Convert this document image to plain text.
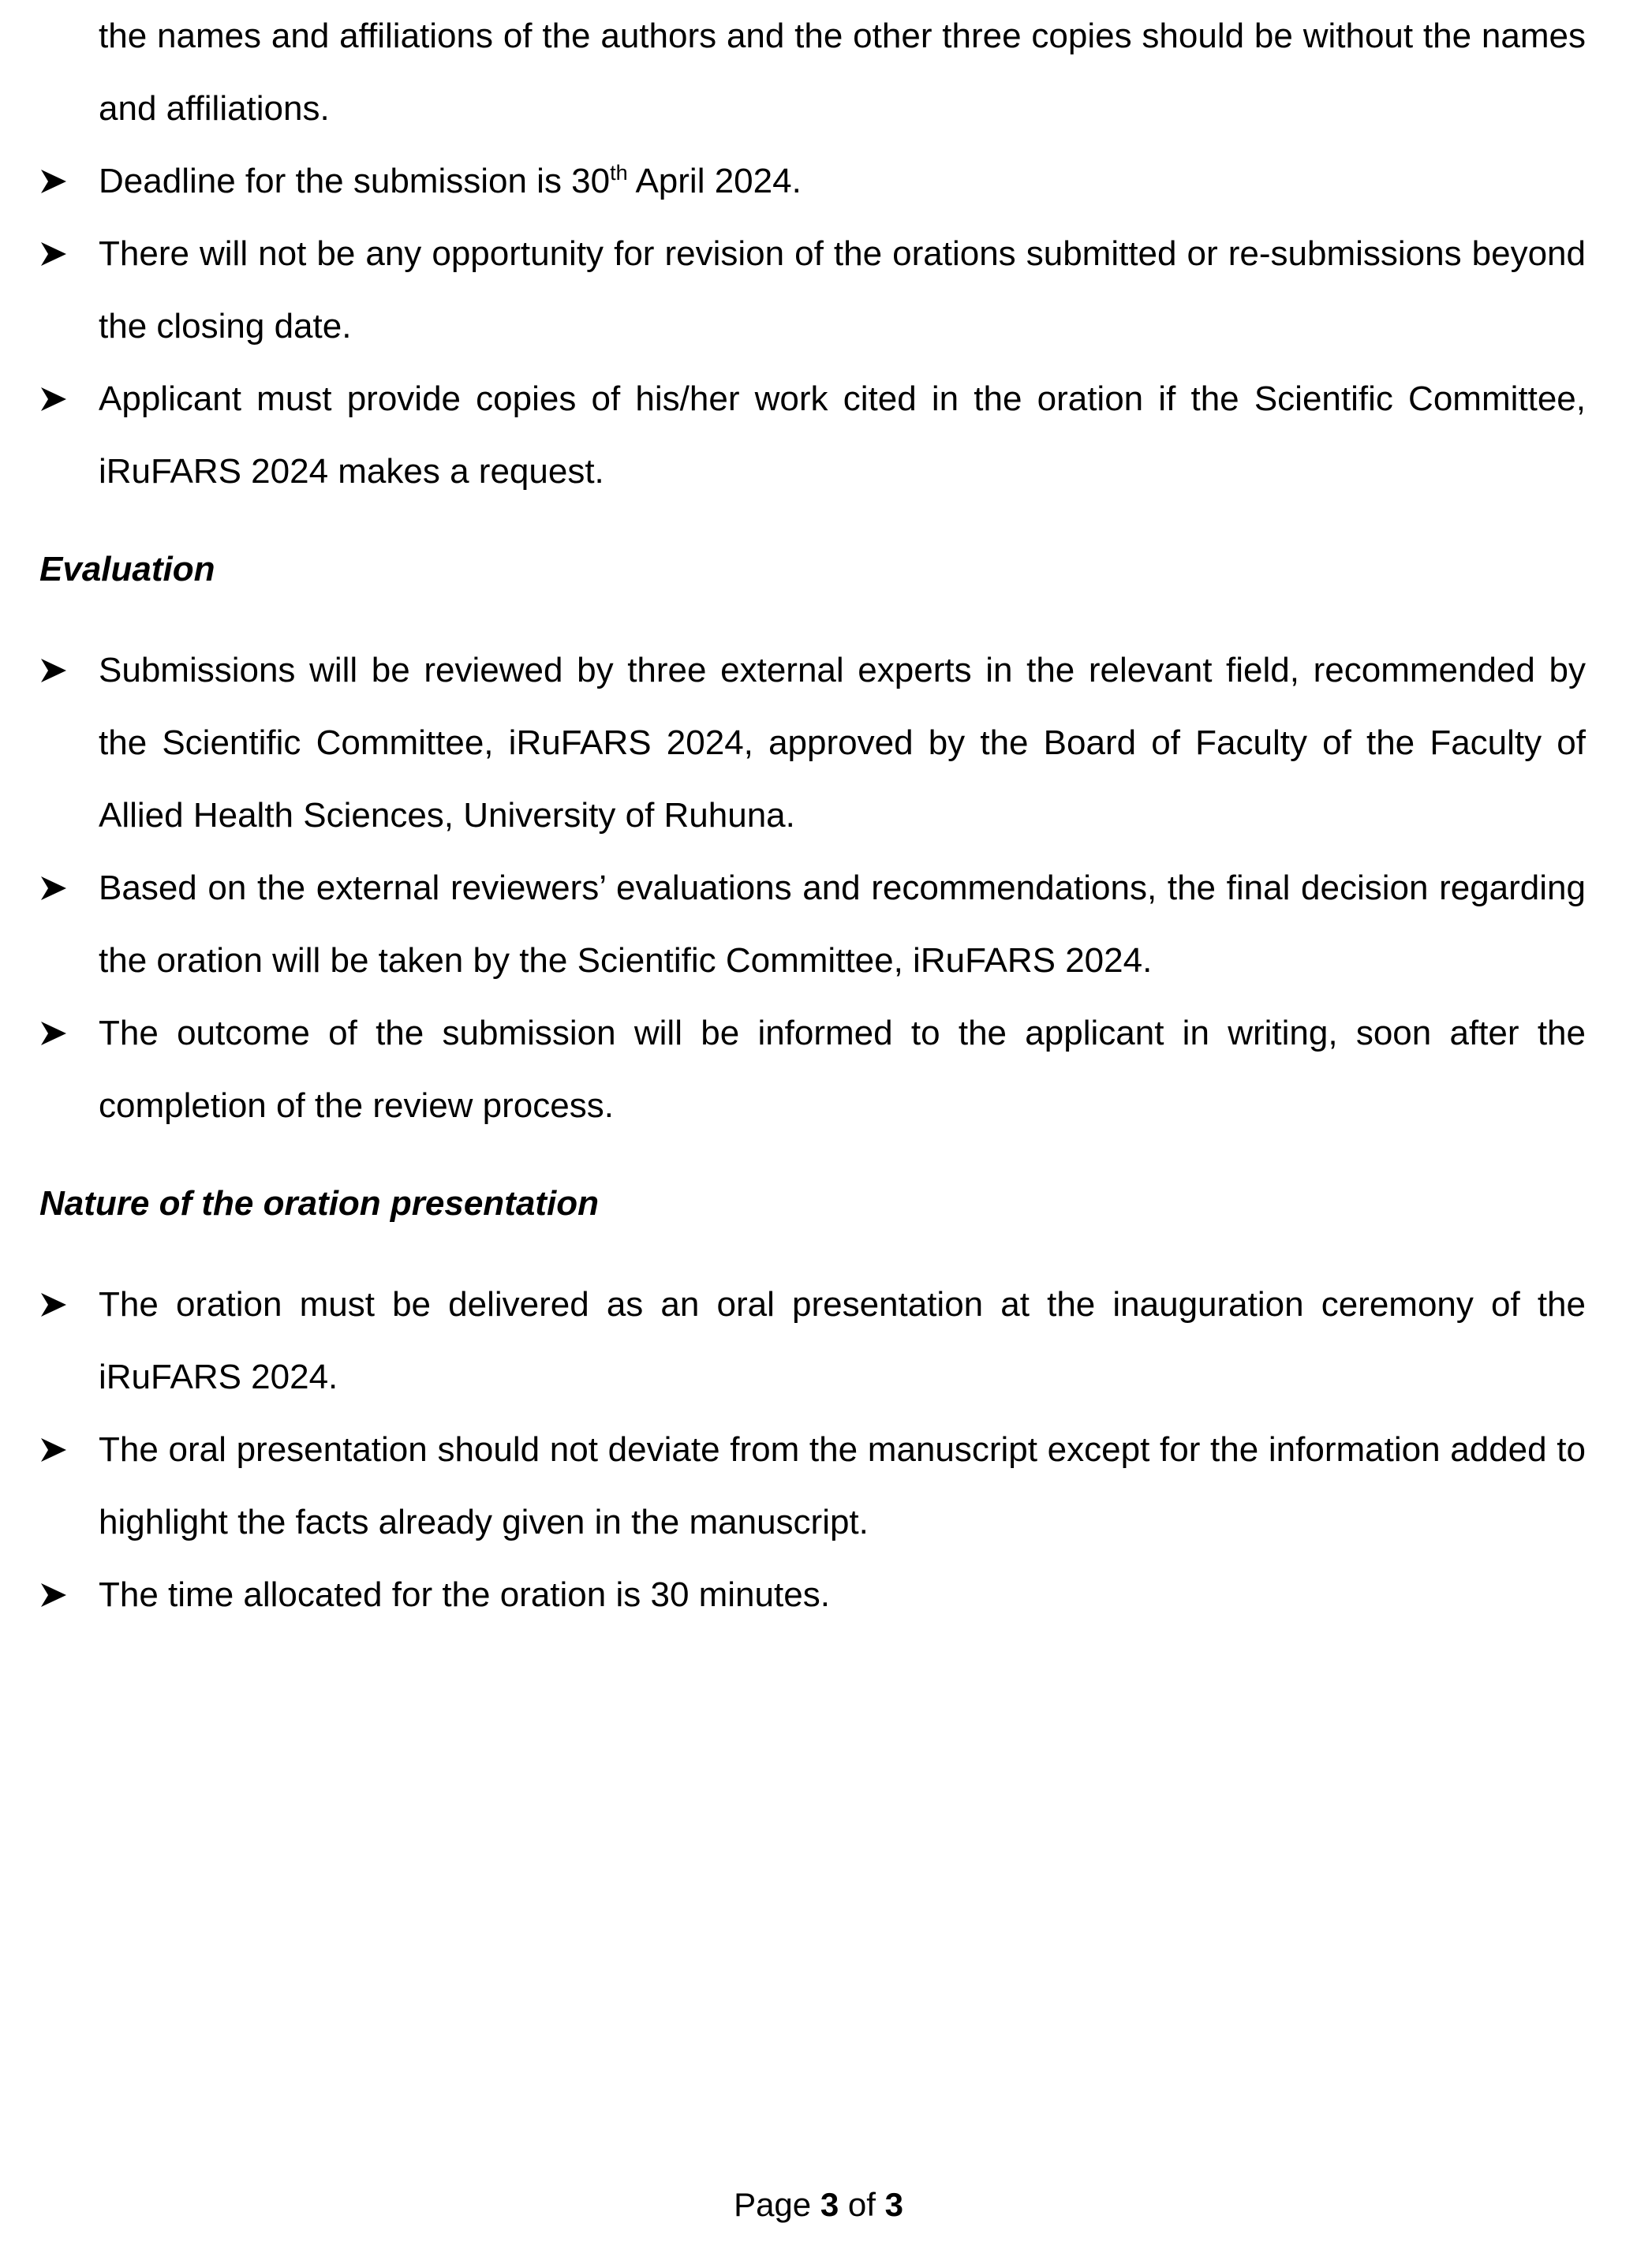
the names and affiliations of the authors and the other three copies should be without the names and affiliations.
Deadline for the submission is 30th April 2024.
There will not be any opportunity for revision of the orations submitted or re-submissions beyond the closing date.
Applicant must provide copies of his/her work cited in the oration if the Scientific Committee, iRuFARS 2024 makes a request.
Evaluation
Submissions will be reviewed by three external experts in the relevant field, recommended by the Scientific Committee, iRuFARS 2024, approved by the Board of Faculty of the Faculty of Allied Health Sciences, University of Ruhuna.
Based on the external reviewers’ evaluations and recommendations, the final decision regarding the oration will be taken by the Scientific Committee, iRuFARS 2024.
The outcome of the submission will be informed to the applicant in writing, soon after the completion of the review process.
Nature of the oration presentation
The oration must be delivered as an oral presentation at the inauguration ceremony of the iRuFARS 2024.
The oral presentation should not deviate from the manuscript except for the information added to highlight the facts already given in the manuscript.
The time allocated for the oration is 30 minutes.
Page 3 of 3
